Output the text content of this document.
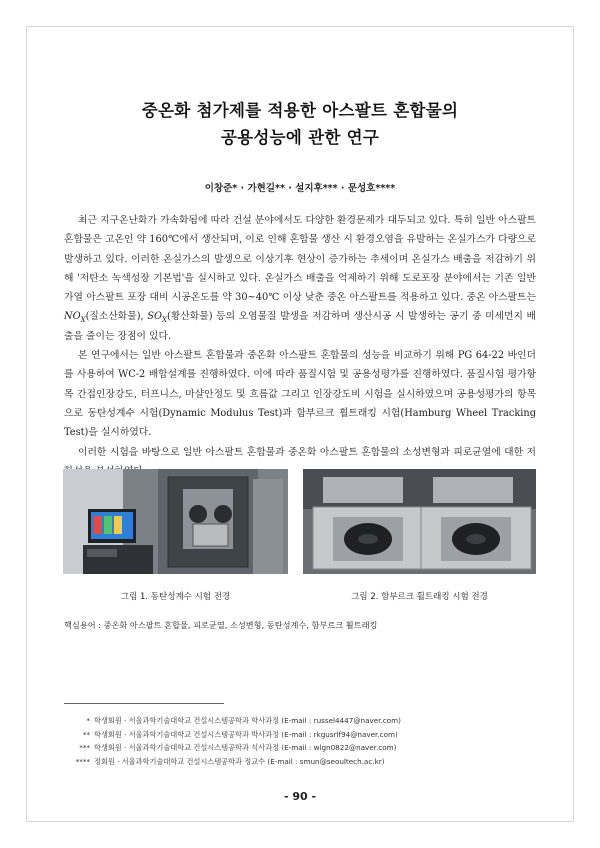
중온화 첨가제를 적용한 아스팔트 혼합물의
공용성능에 관한 연구
이창준* · 가현길** · 설지후*** · 문성호****

최근 지구온난화가 가속화됨에 따라 건설 분야에서도 다양한 환경문제가 대두되고 있다. 특히 일반 아스팔트 혼합물은 고온인 약 160℃에서 생산되며, 이로 인해 혼합물 생산 시 환경오염을 유발하는 온실가스가 다량으로 발생하고 있다. 이러한 온실가스의 발생으로 이상기후 현상이 증가하는 추세이며 온실가스 배출을 저감하기 위해 '저탄소 녹색성장 기본법'을 실시하고 있다. 온실가스 배출을 억제하기 위해 도로포장 분야에서는 기존 일반 가열 아스팔트 포장 대비 시공온도를 약 30~40℃ 이상 낮춘 중온 아스팔트를 적용하고 있다. 중온 아스팔트는 $NO_X$(질소산화물), $SO_X$(황산화물) 등의 오염물질 발생을 저감하며 생산시공 시 발생하는 공기 중 미세먼지 배출을 줄이는 장점이 있다.

본 연구에서는 일반 아스팔트 혼합물과 중온화 아스팔트 혼합물의 성능을 비교하기 위해 PG 64-22 바인더를 사용하여 WC-2 배합설계를 진행하였다. 이에 따라 품질시험 및 공용성평가를 진행하였다. 품질시험 평가항목 간접인장강도, 터프니스, 마샬안정도 및 흐름값 그리고 인장강도비 시험을 실시하였으며 공용성평가의 항목으로 동탄성계수 시험(Dynamic Modulus Test)과 함부르크 휠트래킹 시험(Hamburg Wheel Tracking Test)을 실시하였다.

이러한 시험을 바탕으로 일반 아스팔트 혼합물과 중온화 아스팔트 혼합물의 소성변형과 피로균열에 대한 저

그림 1. 동탄성계수 시험 전경	그림 2. 함부르크 휠트래킹 시험 전경
핵심용어 : 중온화 아스팔트 혼합물, 피로균열, 소성변형, 동탄성계수, 함부르크 휠트래킹
* 학생회원 · 서울과학기술대학교 건설시스템공학과 학사과정 (E-mail : russel4447@naver.com)
** 학생회원 · 서울과학기술대학교 건설시스템공학과 박사과정 (E-mail : rkgusrlf94@naver.com)
*** 학생회원 · 서울과학기술대학교 건설시스템공학과 석사과정 (E-mail : wlgn0822@naver.com)
**** 정회원 · 서울과학기술대학교 건설시스템공학과 정교수 (E-mail : smun@seoultech.ac.kr)
- 90 -
